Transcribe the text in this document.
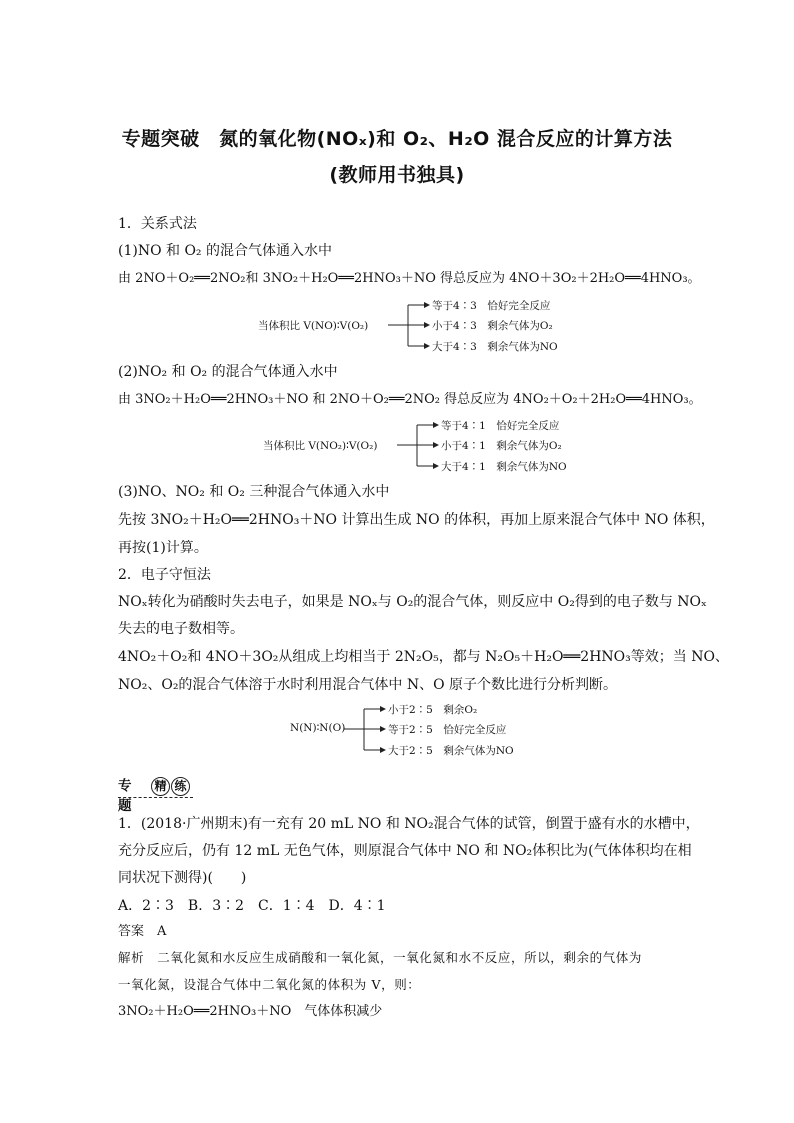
专题突破　氮的氧化物(NOₓ)和 O₂、H₂O 混合反应的计算方法
(教师用书独具)
1．关系式法
(1)NO 和 O₂ 的混合气体通入水中
由 2NO＋O₂══2NO₂和 3NO₂＋H₂O══2HNO₃＋NO 得总反应为 4NO＋3O₂＋2H₂O══4HNO₃。
当体积比 V(NO)∶V(O₂)
等于4∶3　恰好完全反应
小于4∶3　剩余气体为O₂
大于4∶3　剩余气体为NO
(2)NO₂ 和 O₂ 的混合气体通入水中
由 3NO₂＋H₂O══2HNO₃＋NO 和 2NO＋O₂══2NO₂ 得总反应为 4NO₂＋O₂＋2H₂O══4HNO₃。
当体积比 V(NO₂)∶V(O₂)
等于4∶1　恰好完全反应
小于4∶1　剩余气体为O₂
大于4∶1　剩余气体为NO
(3)NO、NO₂ 和 O₂ 三种混合气体通入水中
先按 3NO₂＋H₂O══2HNO₃＋NO 计算出生成 NO 的体积，再加上原来混合气体中 NO 体积，
再按(1)计算。
2．电子守恒法
NOₓ转化为硝酸时失去电子，如果是 NOₓ与 O₂的混合气体，则反应中 O₂得到的电子数与 NOₓ
失去的电子数相等。
4NO₂＋O₂和 4NO＋3O₂从组成上均相当于 2N₂O₅，都与 N₂O₅＋H₂O══2HNO₃等效；当 NO、
NO₂、O₂的混合气体溶于水时利用混合气体中 N、O 原子个数比进行分析判断。
N(N)∶N(O)
小于2∶5　剩余O₂
等于2∶5　恰好完全反应
大于2∶5　剩余气体为NO
专题
精 练
1．(2018·广州期末)有一充有 20 mL NO 和 NO₂混合气体的试管，倒置于盛有水的水槽中，
充分反应后，仍有 12 mL 无色气体，则原混合气体中 NO 和 NO₂体积比为(气体体积均在相
同状况下测得)(　　)
A．2∶3　B．3∶2　C．1∶4　D．4∶1
答案　A
解析　二氧化氮和水反应生成硝酸和一氧化氮，一氧化氮和水不反应，所以，剩余的气体为
一氧化氮，设混合气体中二氧化氮的体积为 V，则：
3NO₂＋H₂O══2HNO₃＋NO　气体体积减少
